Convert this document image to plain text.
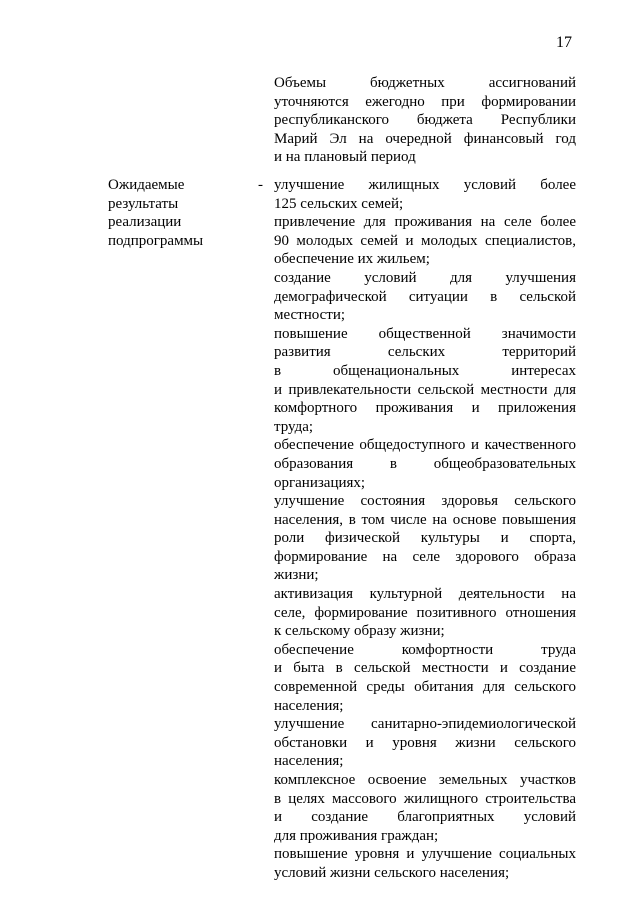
17
Объемы бюджетных ассигнований
уточняются ежегодно при формировании
республиканского бюджета Республики
Марий Эл на очередной финансовый год
и на плановый период
Ожидаемые
результаты
реализации
подпрограммы
- улучшение жилищных условий более
125 сельских семей;
привлечение для проживания на селе более
90 молодых семей и молодых специалистов,
обеспечение их жильем;
создание условий для улучшения
демографической ситуации в сельской
местности;
повышение общественной значимости
развития сельских территорий
в общенациональных интересах
и привлекательности сельской местности для
комфортного проживания и приложения
труда;
обеспечение общедоступного и качественного
образования в общеобразовательных
организациях;
улучшение состояния здоровья сельского
населения, в том числе на основе повышения
роли физической культуры и спорта,
формирование на селе здорового образа
жизни;
активизация культурной деятельности на
селе, формирование позитивного отношения
к сельскому образу жизни;
обеспечение комфортности труда
и быта в сельской местности и создание
современной среды обитания для сельского
населения;
улучшение санитарно-эпидемиологической
обстановки и уровня жизни сельского
населения;
комплексное освоение земельных участков
в целях массового жилищного строительства
и создание благоприятных условий
для проживания граждан;
повышение уровня и улучшение социальных
условий жизни сельского населения;
